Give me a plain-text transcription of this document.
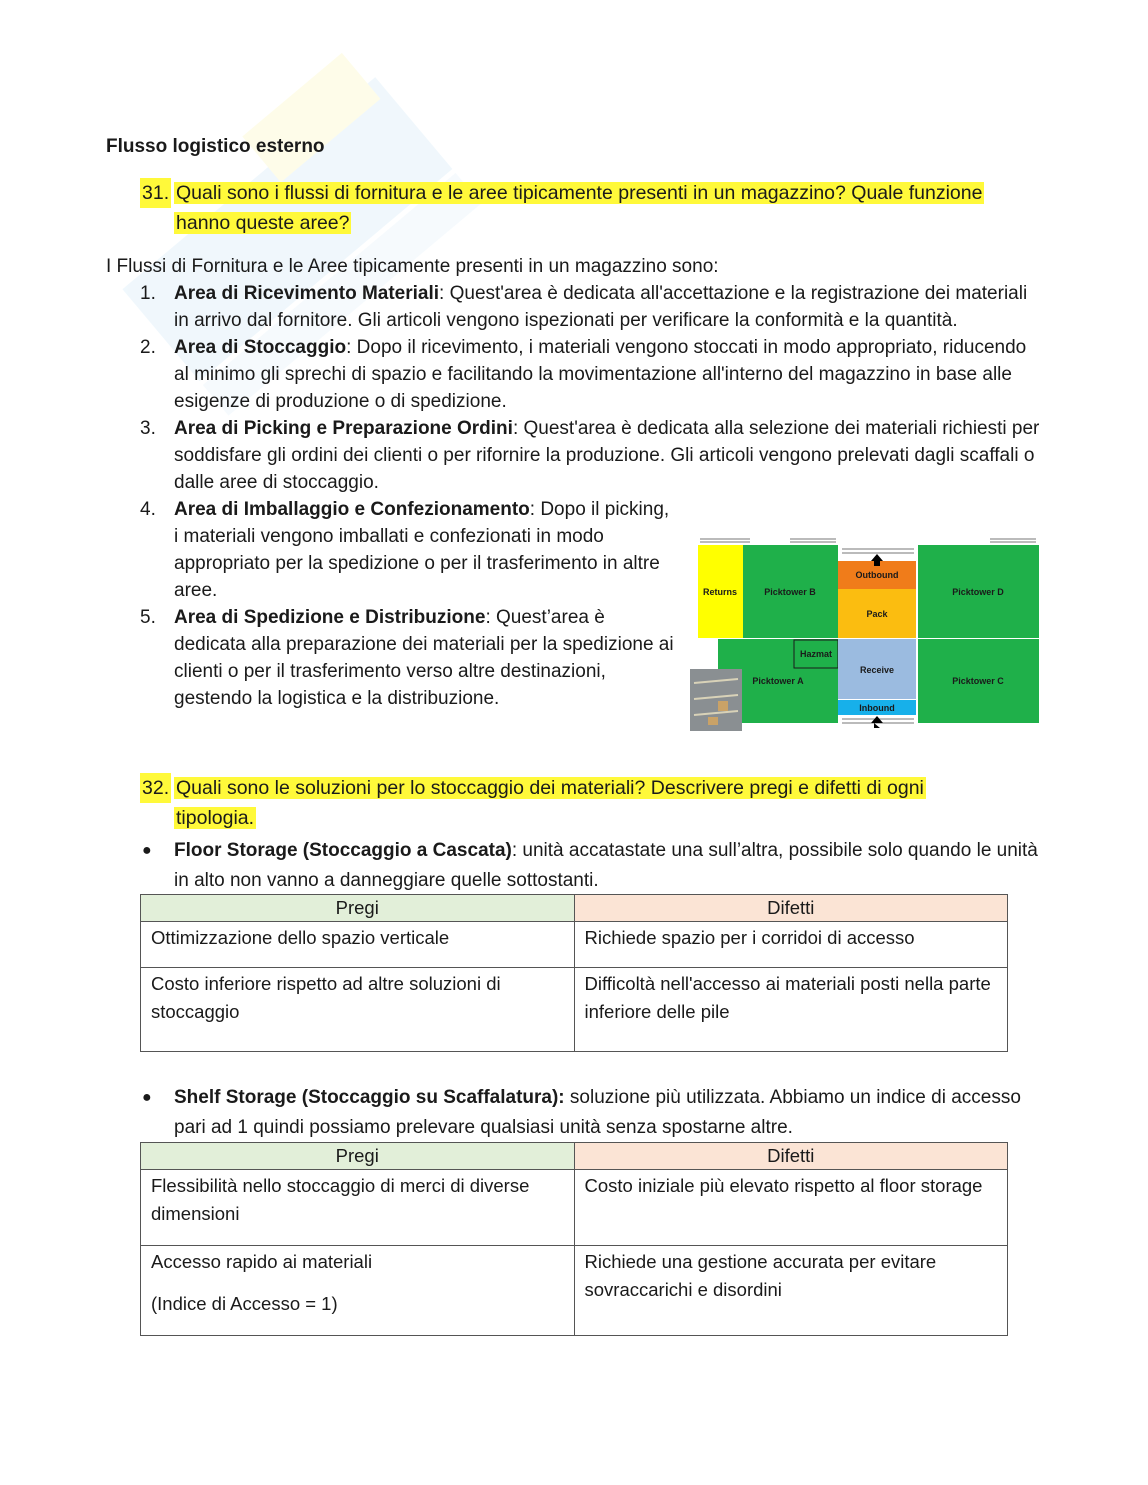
Flusso logistico esterno
31. Quali sono i flussi di fornitura e le aree tipicamente presenti in un magazzino? Quale funzione
hanno queste aree?
I Flussi di Fornitura e le Aree tipicamente presenti in un magazzino sono:
1. Area di Ricevimento Materiali: Quest'area è dedicata all'accettazione e la registrazione dei materiali in arrivo dal fornitore. Gli articoli vengono ispezionati per verificare la conformità e la quantità.
2. Area di Stoccaggio: Dopo il ricevimento, i materiali vengono stoccati in modo appropriato, riducendo al minimo gli sprechi di spazio e facilitando la movimentazione all'interno del magazzino in base alle esigenze di produzione o di spedizione.
3. Area di Picking e Preparazione Ordini: Quest'area è dedicata alla selezione dei materiali richiesti per soddisfare gli ordini dei clienti o per rifornire la produzione. Gli articoli vengono prelevati dagli scaffali o dalle aree di stoccaggio.
4. Area di Imballaggio e Confezionamento: Dopo il picking, i materiali vengono imballati e confezionati in modo appropriato per la spedizione o per il trasferimento in altre aree.
5. Area di Spedizione e Distribuzione: Quest’area è dedicata alla preparazione dei materiali per la spedizione ai clienti o per il trasferimento verso altre destinazioni, gestendo la logistica e la distribuzione.
Returns	Picktower B
Outbound
Pack
Picktower D
Hazmat
Picktower A
Receive
Inbound
Picktower C
32. Quali sono le soluzioni per lo stoccaggio dei materiali? Descrivere pregi e difetti di ogni
tipologia.
● Floor Storage (Stoccaggio a Cascata): unità accatastate una sull’altra, possibile solo quando le unità in alto non vanno a danneggiare quelle sottostanti.
Pregi	Difetti
Ottimizzazione dello spazio verticale	Richiede spazio per i corridoi di accesso
Costo inferiore rispetto ad altre soluzioni di stoccaggio	Difficoltà nell'accesso ai materiali posti nella parte inferiore delle pile
● Shelf Storage (Stoccaggio su Scaffalatura): soluzione più utilizzata. Abbiamo un indice di accesso pari ad 1 quindi possiamo prelevare qualsiasi unità senza spostarne altre.
Pregi	Difetti
Flessibilità nello stoccaggio di merci di diverse dimensioni	Costo iniziale più elevato rispetto al floor storage

Accesso rapido ai materiali
(Indice di Accesso = 1)	Richiede una gestione accurata per evitare sovraccarichi e disordini
